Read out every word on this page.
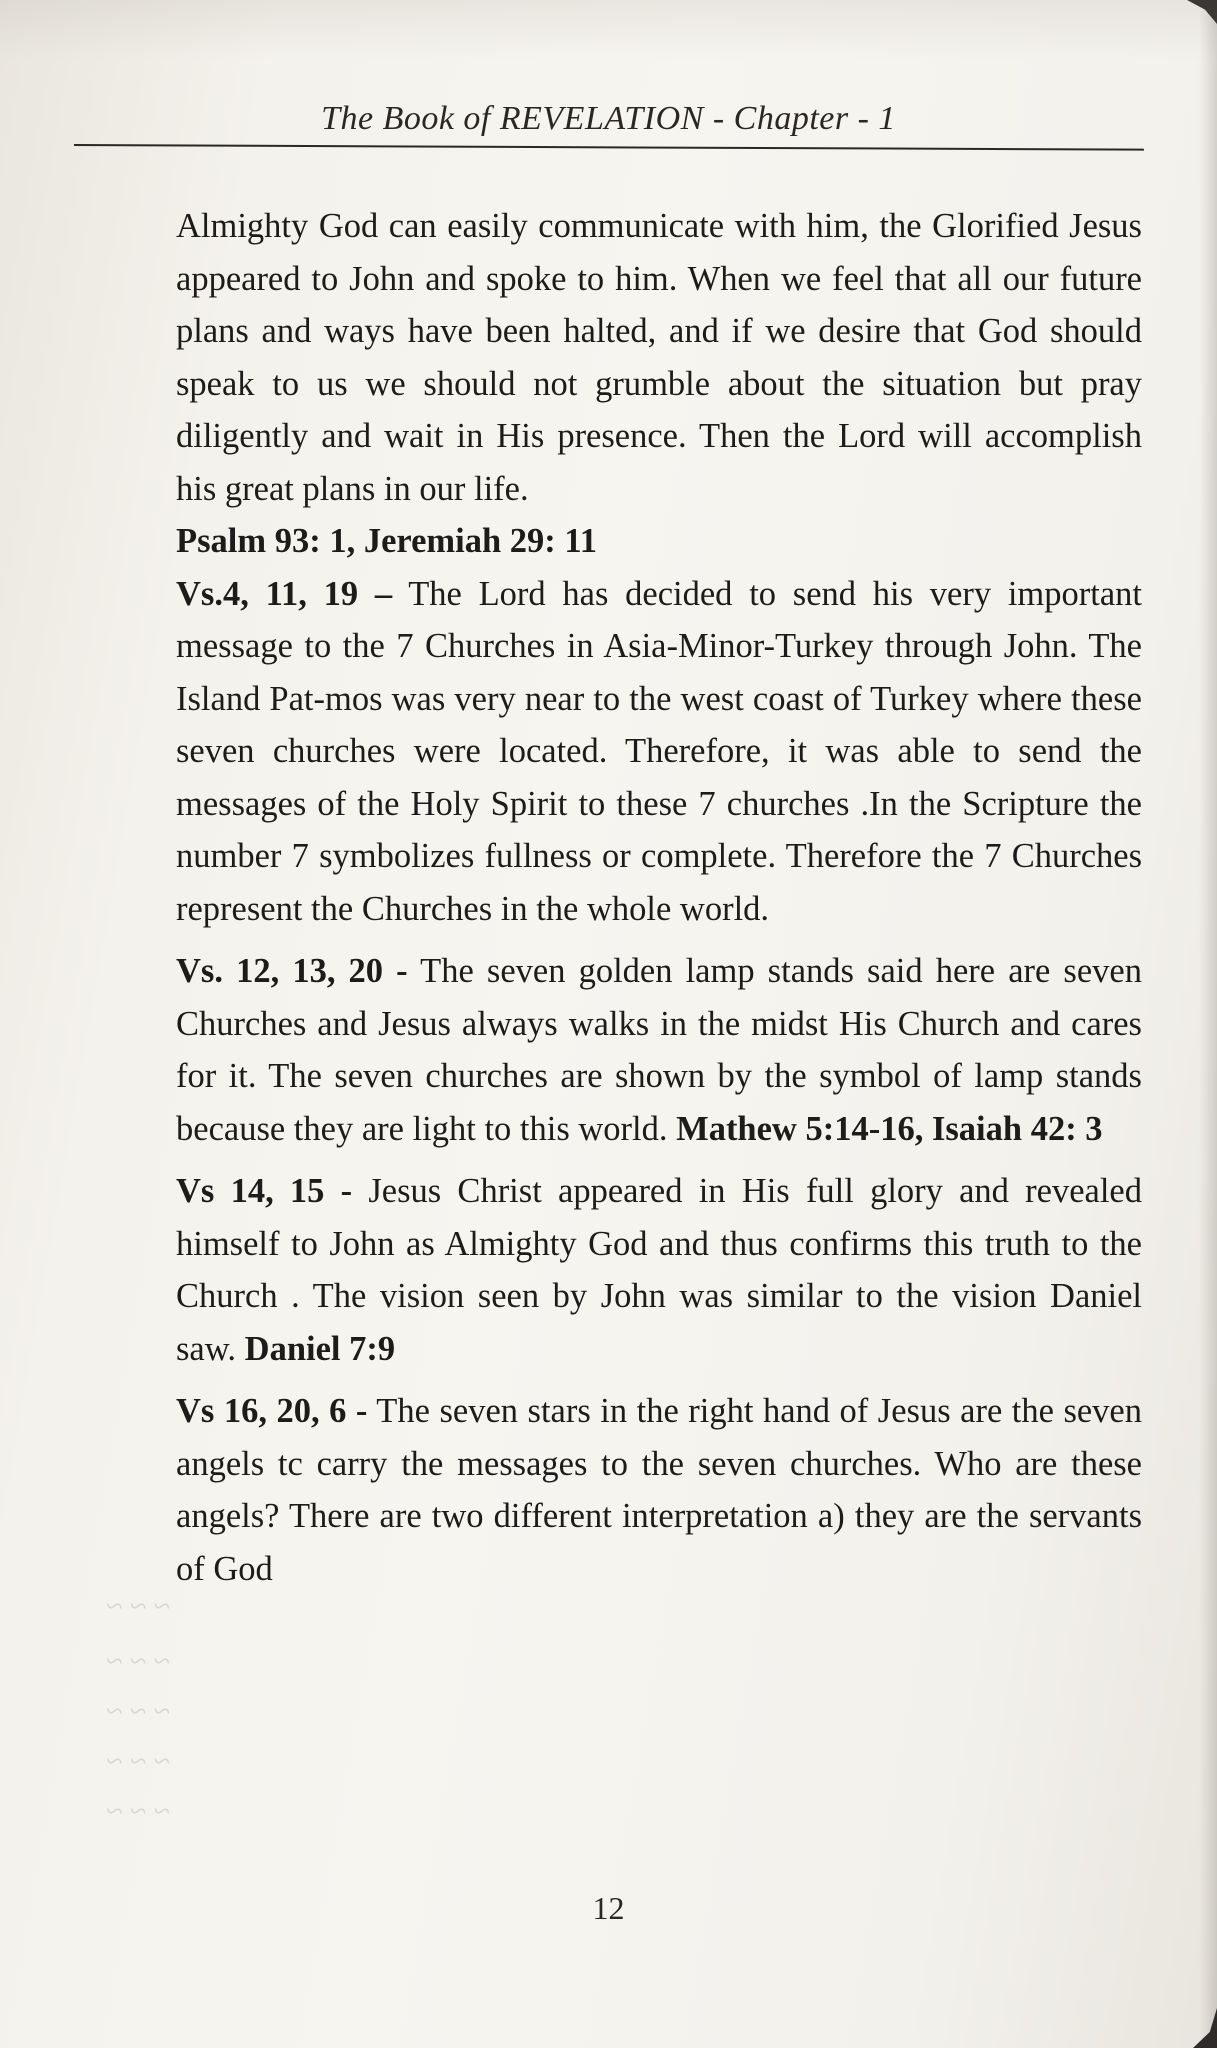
~ ~ ~
~ ~ ~
~ ~ ~
~ ~ ~
~ ~ ~
The Book of REVELATION - Chapter - 1

Almighty God can easily communicate with him, the Glorified Jesus appeared to John and spoke to him. When we feel that all our future plans and ways have been halted, and if we desire that God should speak to us we should not grumble about the situation but pray diligently and wait in His presence. Then the Lord will accomplish his great plans in our life.

Psalm 93: 1, Jeremiah 29: 11

Vs.4, 11, 19 – The Lord has decided to send his very important message to the 7 Churches in Asia-Minor-Turkey through John. The Island Pat-mos was very near to the west coast of Turkey where these seven churches were located. Therefore, it was able to send the messages of the Holy Spirit to these 7 churches .In the Scripture the number 7 symbolizes fullness or complete. Therefore the 7 Churches represent the Churches in the whole world.

Vs. 12, 13, 20 - The seven golden lamp stands said here are seven Churches and Jesus always walks in the midst His Church and cares for it. The seven churches are shown by the symbol of lamp stands because they are light to this world. Mathew 5:14-16, Isaiah 42: 3

Vs 14, 15 - Jesus Christ appeared in His full glory and revealed himself to John as Almighty God and thus confirms this truth to the Church . The vision seen by John was similar to the vision Daniel saw. Daniel 7:9

Vs 16, 20, 6 - The seven stars in the right hand of Jesus are the seven angels tc carry the messages to the seven churches. Who are these angels? There are two different interpretation a) they are the servants of God

12
